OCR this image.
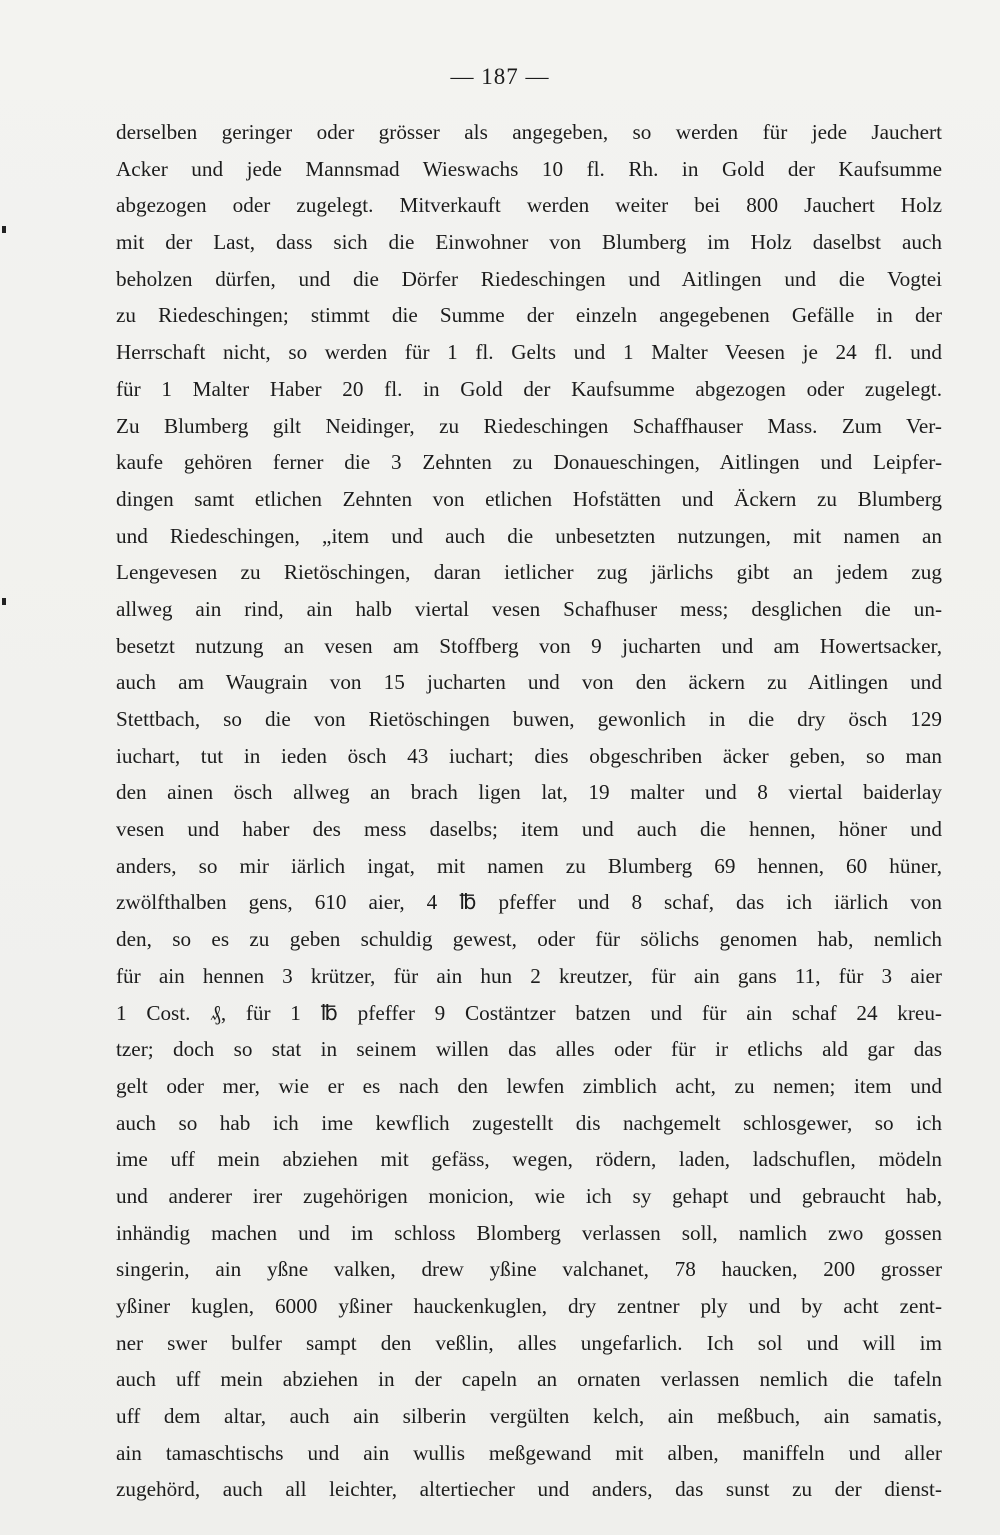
— 187 —
derselben geringer oder grösser als angegeben, so werden für jede Jauchert
Acker und jede Mannsmad Wieswachs 10 fl. Rh. in Gold der Kaufsumme
abgezogen oder zugelegt. Mitverkauft werden weiter bei 800 Jauchert Holz
mit der Last, dass sich die Einwohner von Blumberg im Holz daselbst auch
beholzen dürfen, und die Dörfer Riedeschingen und Aitlingen und die Vogtei
zu Riedeschingen; stimmt die Summe der einzeln angegebenen Gefälle in der
Herrschaft nicht, so werden für 1 fl. Gelts und 1 Malter Veesen je 24 fl. und
für 1 Malter Haber 20 fl. in Gold der Kaufsumme abgezogen oder zugelegt.
Zu Blumberg gilt Neidinger, zu Riedeschingen Schaffhauser Mass. Zum Ver-
kaufe gehören ferner die 3 Zehnten zu Donaueschingen, Aitlingen und Leipfer-
dingen samt etlichen Zehnten von etlichen Hofstätten und Äckern zu Blumberg
und Riedeschingen, „item und auch die unbesetzten nutzungen, mit namen an
Lengevesen zu Rietöschingen, daran ietlicher zug järlichs gibt an jedem zug
allweg ain rind, ain halb viertal vesen Schafhuser mess; desglichen die un-
besetzt nutzung an vesen am Stoffberg von 9 jucharten und am Howertsacker,
auch am Waugrain von 15 jucharten und von den äckern zu Aitlingen und
Stettbach, so die von Rietöschingen buwen, gewonlich in die dry ösch 129
iuchart, tut in ieden ösch 43 iuchart; dies obgeschriben äcker geben, so man
den ainen ösch allweg an brach ligen lat, 19 malter und 8 viertal baiderlay
vesen und haber des mess daselbs; item und auch die hennen, höner und
anders, so mir iärlich ingat, mit namen zu Blumberg 69 hennen, 60 hüner,
zwölfthalben gens, 610 aier, 4 ℔ pfeffer und 8 schaf, das ich iärlich von
den, so es zu geben schuldig gewest, oder für sölichs genomen hab, nemlich
für ain hennen 3 krützer, für ain hun 2 kreutzer, für ain gans 11, für 3 aier
1 Cost. ₰, für 1 ℔ pfeffer 9 Costäntzer batzen und für ain schaf 24 kreu-
tzer; doch so stat in seinem willen das alles oder für ir etlichs ald gar das
gelt oder mer, wie er es nach den lewfen zimblich acht, zu nemen; item und
auch so hab ich ime kewflich zugestellt dis nachgemelt schlosgewer, so ich
ime uff mein abziehen mit gefäss, wegen, rödern, laden, ladschuflen, mödeln
und anderer irer zugehörigen monicion, wie ich sy gehapt und gebraucht hab,
inhändig machen und im schloss Blomberg verlassen soll, namlich zwo gossen
singerin, ain yßne valken, drew yßine valchanet, 78 haucken, 200 grosser
yßiner kuglen, 6000 yßiner hauckenkuglen, dry zentner ply und by acht zent-
ner swer bulfer sampt den veßlin, alles ungefarlich. Ich sol und will im
auch uff mein abziehen in der capeln an ornaten verlassen nemlich die tafeln
uff dem altar, auch ain silberin vergülten kelch, ain meßbuch, ain samatis,
ain tamaschtischs und ain wullis meßgewand mit alben, maniffeln und aller
zugehörd, auch all leichter, altertiecher und anders, das sunst zu der dienst-
